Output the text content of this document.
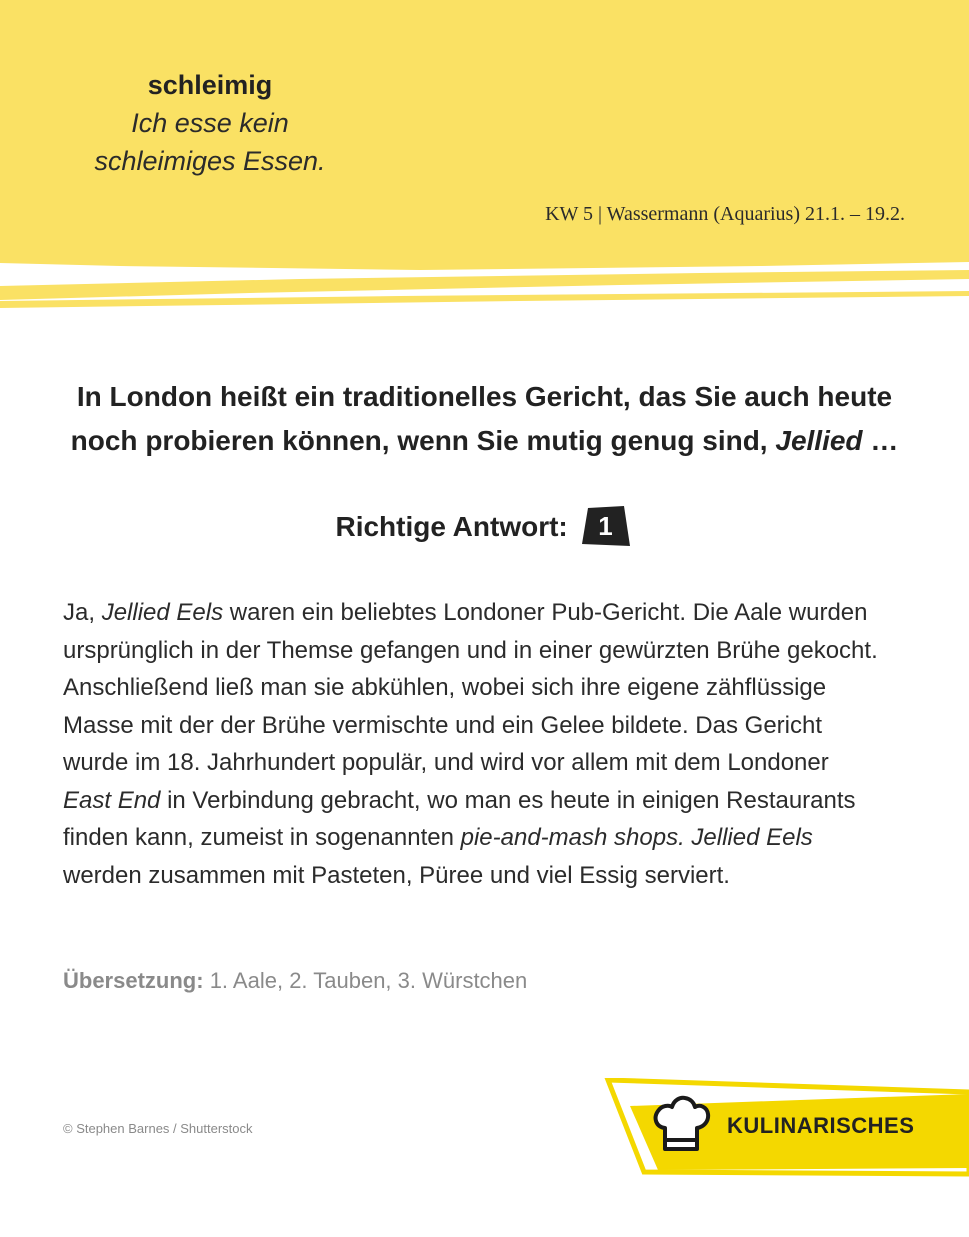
schleimig
Ich esse kein
schleimiges Essen.
KW 5 | Wassermann (Aquarius) 21.1. – 19.2.
In London heißt ein traditionelles Gericht, das Sie auch heute
noch probieren können, wenn Sie mutig genug sind, Jellied …
Richtige Antwort:	1
Ja, Jellied Eels waren ein beliebtes Londoner Pub-Gericht. Die Aale wurden ursprünglich in der Themse gefangen und in einer gewürzten Brühe gekocht. Anschließend ließ man sie abkühlen, wobei sich ihre eigene zähflüssige Masse mit der der Brühe vermischte und ein Gelee bildete. Das Gericht wurde im 18. Jahrhundert populär, und wird vor allem mit dem Londoner East End in Verbindung gebracht, wo man es heute in einigen Restaurants finden kann, zumeist in sogenannten pie-and-mash shops. Jellied Eels werden zusammen mit Pasteten, Püree und viel Essig serviert.
Übersetzung: 1. Aale, 2. Tauben, 3. Würstchen
© Stephen Barnes / Shutterstock	KULINARISCHES
